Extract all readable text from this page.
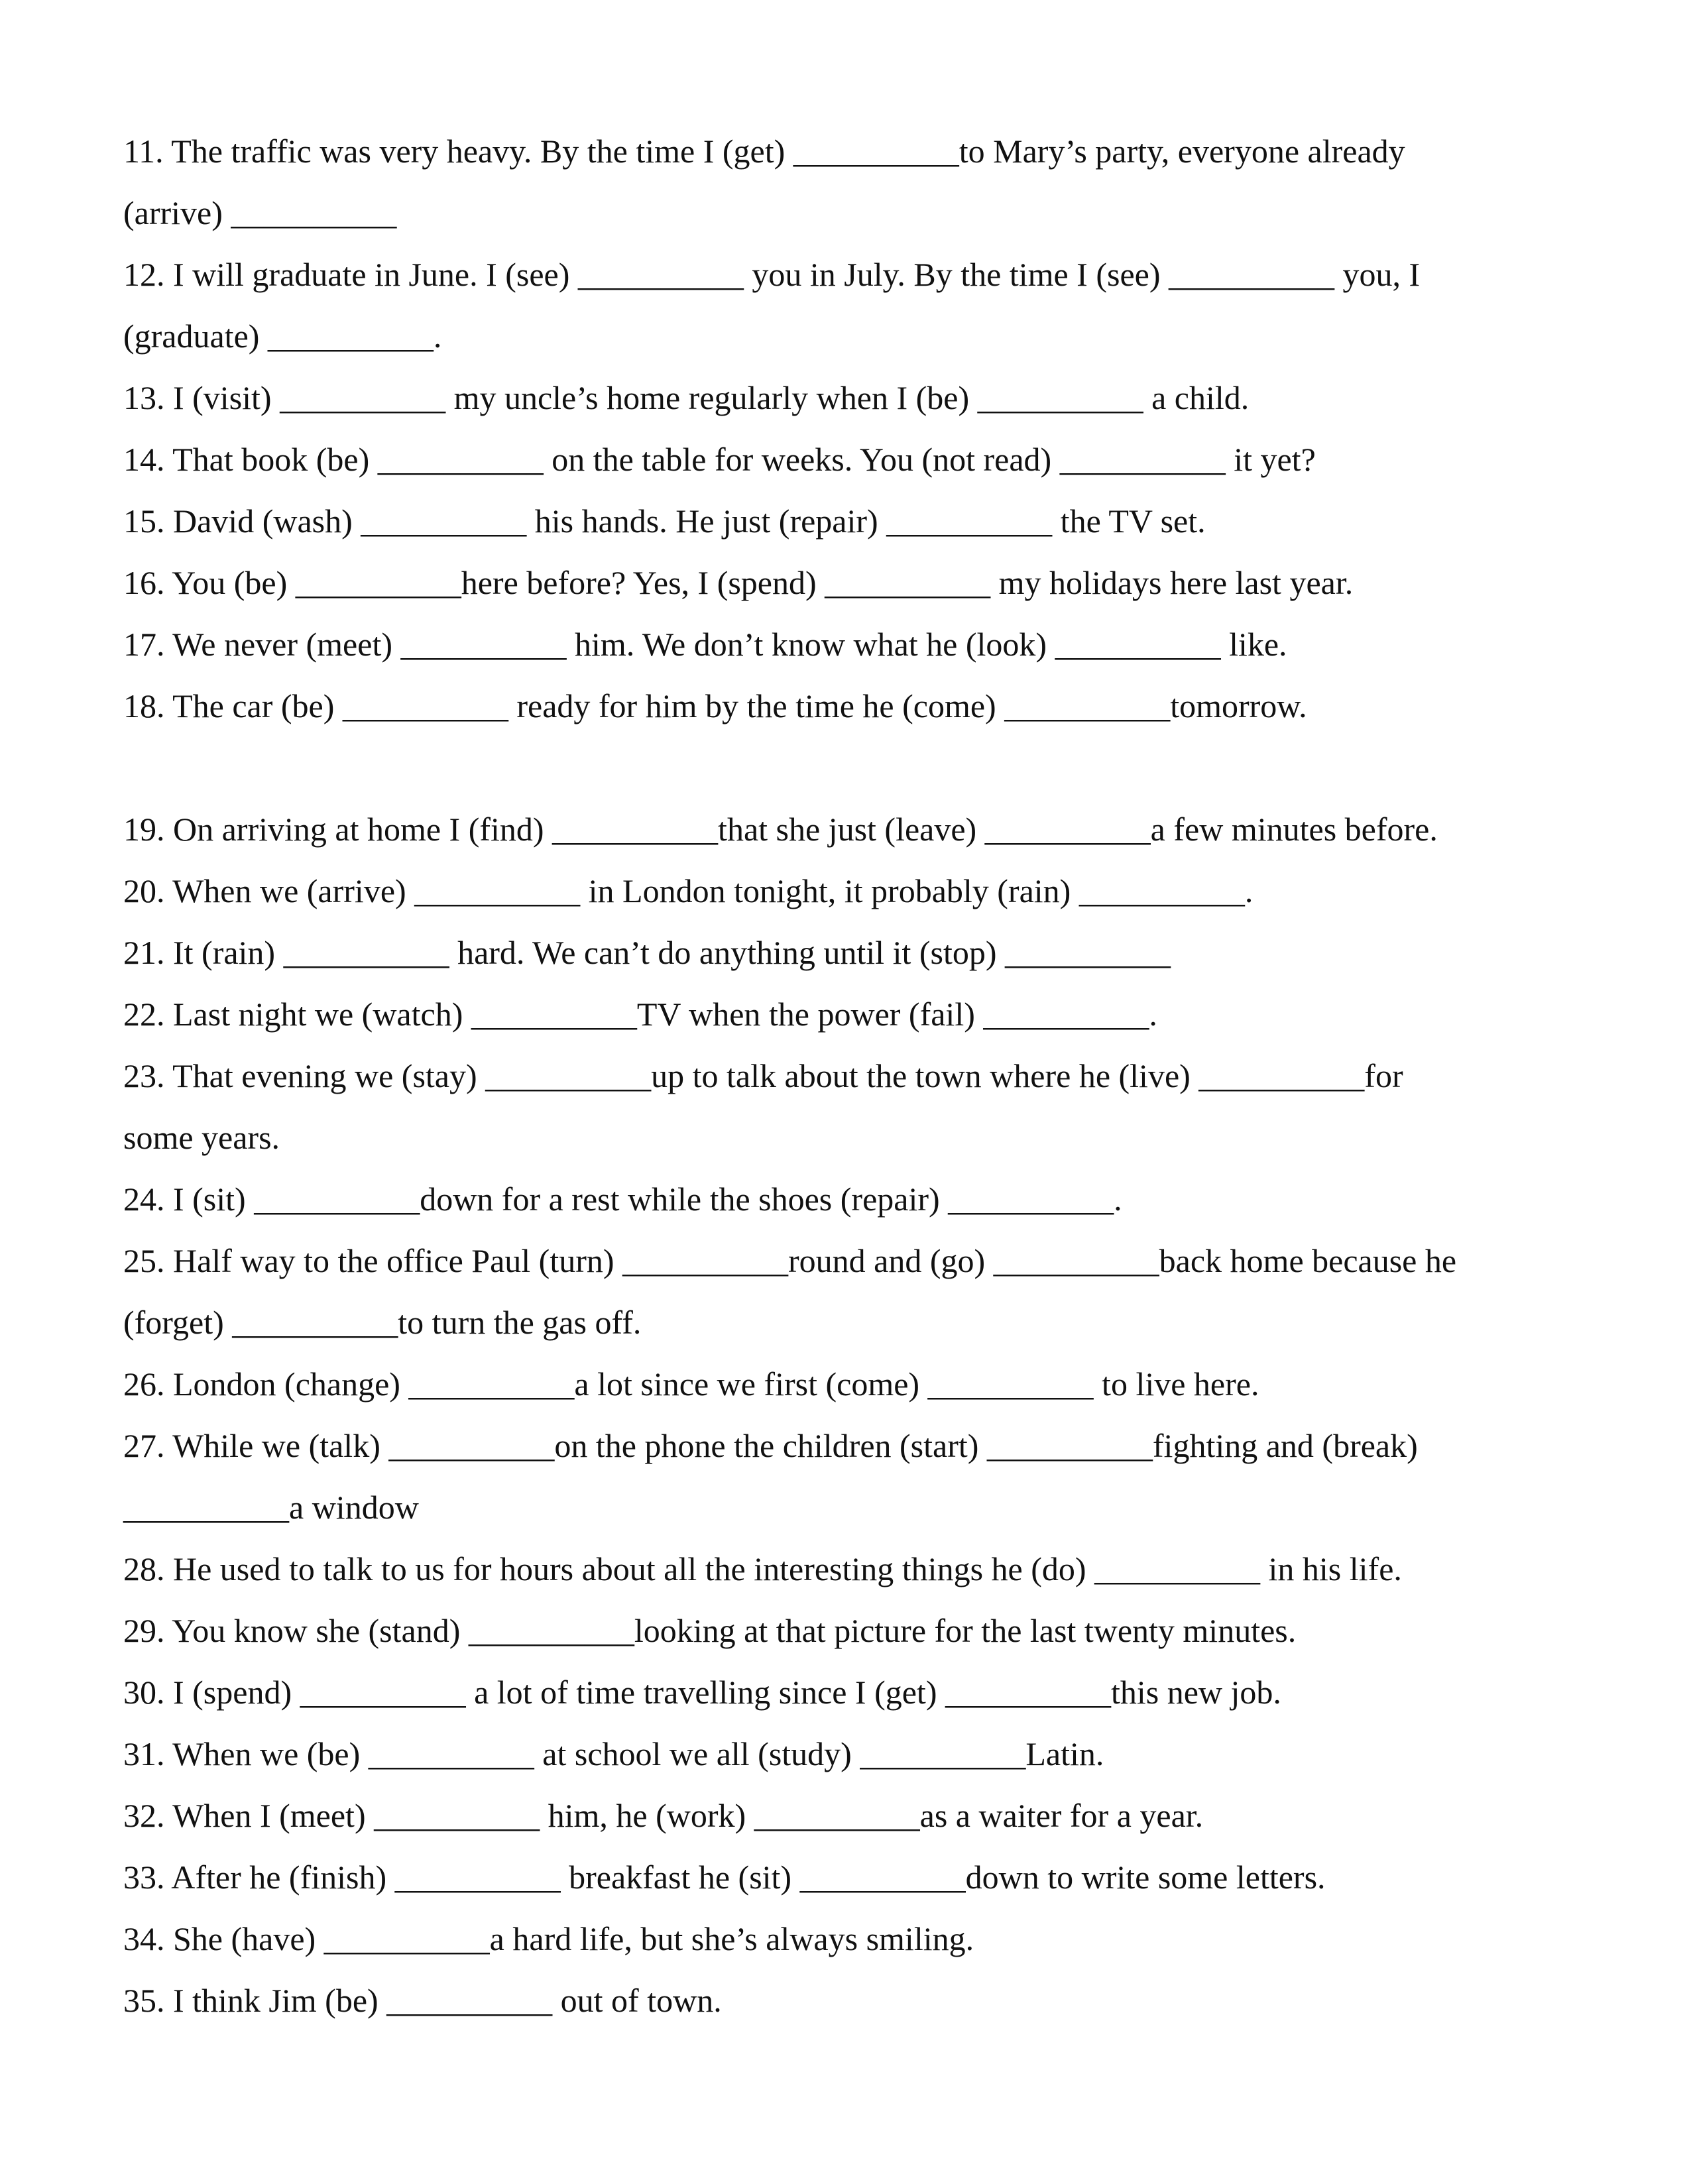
11. The traffic was very heavy. By the time I (get) __________to Mary’s party, everyone already
(arrive) __________
12. I will graduate in June. I (see) __________ you in July. By the time I (see) __________ you, I
(graduate) __________.
13. I (visit) __________ my uncle’s home regularly when I (be) __________ a child.
14. That book (be) __________ on the table for weeks. You (not read) __________ it yet?
15. David (wash) __________ his hands. He just (repair) __________ the TV set.
16. You (be) __________here before? Yes, I (spend) __________ my holidays here last year.
17. We never (meet) __________ him. We don’t know what he (look) __________ like.
18. The car (be) __________ ready for him by the time he (come) __________tomorrow.
19. On arriving at home I (find) __________that she just (leave) __________a few minutes before.
20. When we (arrive) __________ in London tonight, it probably (rain) __________.
21. It (rain) __________ hard. We can’t do anything until it (stop) __________
22. Last night we (watch) __________TV when the power (fail) __________.
23. That evening we (stay) __________up to talk about the town where he (live) __________for
some years.
24. I (sit) __________down for a rest while the shoes (repair) __________.
25. Half way to the office Paul (turn) __________round and (go) __________back home because he
(forget) __________to turn the gas off.
26. London (change) __________a lot since we first (come) __________ to live here.
27. While we (talk) __________on the phone the children (start) __________fighting and (break)
__________a window
28. He used to talk to us for hours about all the interesting things he (do) __________ in his life.
29. You know she (stand) __________looking at that picture for the last twenty minutes.
30. I (spend) __________ a lot of time travelling since I (get) __________this new job.
31. When we (be) __________ at school we all (study) __________Latin.
32. When I (meet) __________ him, he (work) __________as a waiter for a year.
33. After he (finish) __________ breakfast he (sit) __________down to write some letters.
34. She (have) __________a hard life, but she’s always smiling.
35. I think Jim (be) __________ out of town.
